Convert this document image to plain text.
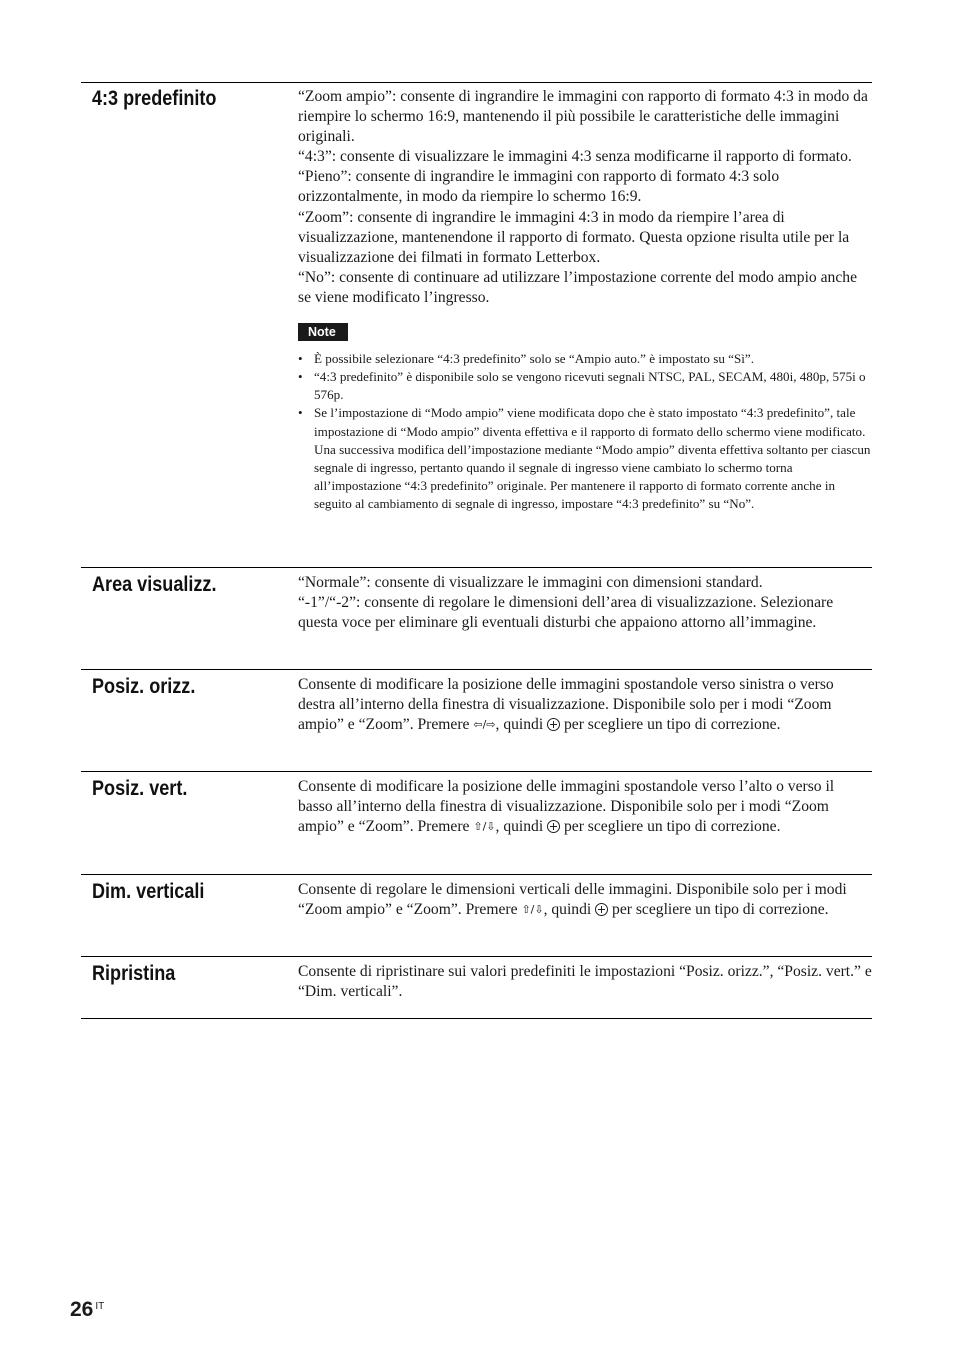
4:3 predefinito	“Zoom ampio”: consente di ingrandire le immagini con rapporto di formato 4:3 in modo da riempire lo schermo 16:9, mantenendo il più possibile le caratteristiche delle immagini originali.

“4:3”: consente di visualizzare le immagini 4:3 senza modificarne il rapporto di formato.

“Pieno”: consente di ingrandire le immagini con rapporto di formato 4:3 solo orizzontalmente, in modo da riempire lo schermo 16:9.

“Zoom”: consente di ingrandire le immagini 4:3 in modo da riempire l’area di visualizzazione, mantenendone il rapporto di formato. Questa opzione risulta utile per la visualizzazione dei filmati in formato Letterbox.

“No”: consente di continuare ad utilizzare l’impostazione corrente del modo ampio anche se viene modificato l’ingresso.

Note
• È possibile selezionare “4:3 predefinito” solo se “Ampio auto.” è impostato su “Sì”.
• “4:3 predefinito” è disponibile solo se vengono ricevuti segnali NTSC, PAL, SECAM, 480i, 480p, 575i o 576p.
• Se l’impostazione di “Modo ampio” viene modificata dopo che è stato impostato “4:3 predefinito”, tale impostazione di “Modo ampio” diventa effettiva e il rapporto di formato dello schermo viene modificato. Una successiva modifica dell’impostazione mediante “Modo ampio” diventa effettiva soltanto per ciascun segnale di ingresso, pertanto quando il segnale di ingresso viene cambiato lo schermo torna all’impostazione “4:3 predefinito” originale. Per mantenere il rapporto di formato corrente anche in seguito al cambiamento di segnale di ingresso, impostare “4:3 predefinito” su “No”.
Area visualizz.	“Normale”: consente di visualizzare le immagini con dimensioni standard.

“-1”/“-2”: consente di regolare le dimensioni dell’area di visualizzazione. Selezionare questa voce per eliminare gli eventuali disturbi che appaiono attorno all’immagine.

Posiz. orizz.	Consente di modificare la posizione delle immagini spostandole verso sinistra o verso destra all’interno della finestra di visualizzazione. Disponibile solo per i modi “Zoom ampio” e “Zoom”. Premere ⇦/⇨, quindi per scegliere un tipo di correzione.

Posiz. vert.	Consente di modificare la posizione delle immagini spostandole verso l’alto o verso il basso all’interno della finestra di visualizzazione. Disponibile solo per i modi “Zoom ampio” e “Zoom”. Premere ⇧/⇩, quindi per scegliere un tipo di correzione.

Dim. verticali	Consente di regolare le dimensioni verticali delle immagini. Disponibile solo per i modi “Zoom ampio” e “Zoom”. Premere ⇧/⇩, quindi per scegliere un tipo di correzione.

Ripristina	Consente di ripristinare sui valori predefiniti le impostazioni “Posiz. orizz.”, “Posiz. vert.” e “Dim. verticali”.

26 $^{IT}$
